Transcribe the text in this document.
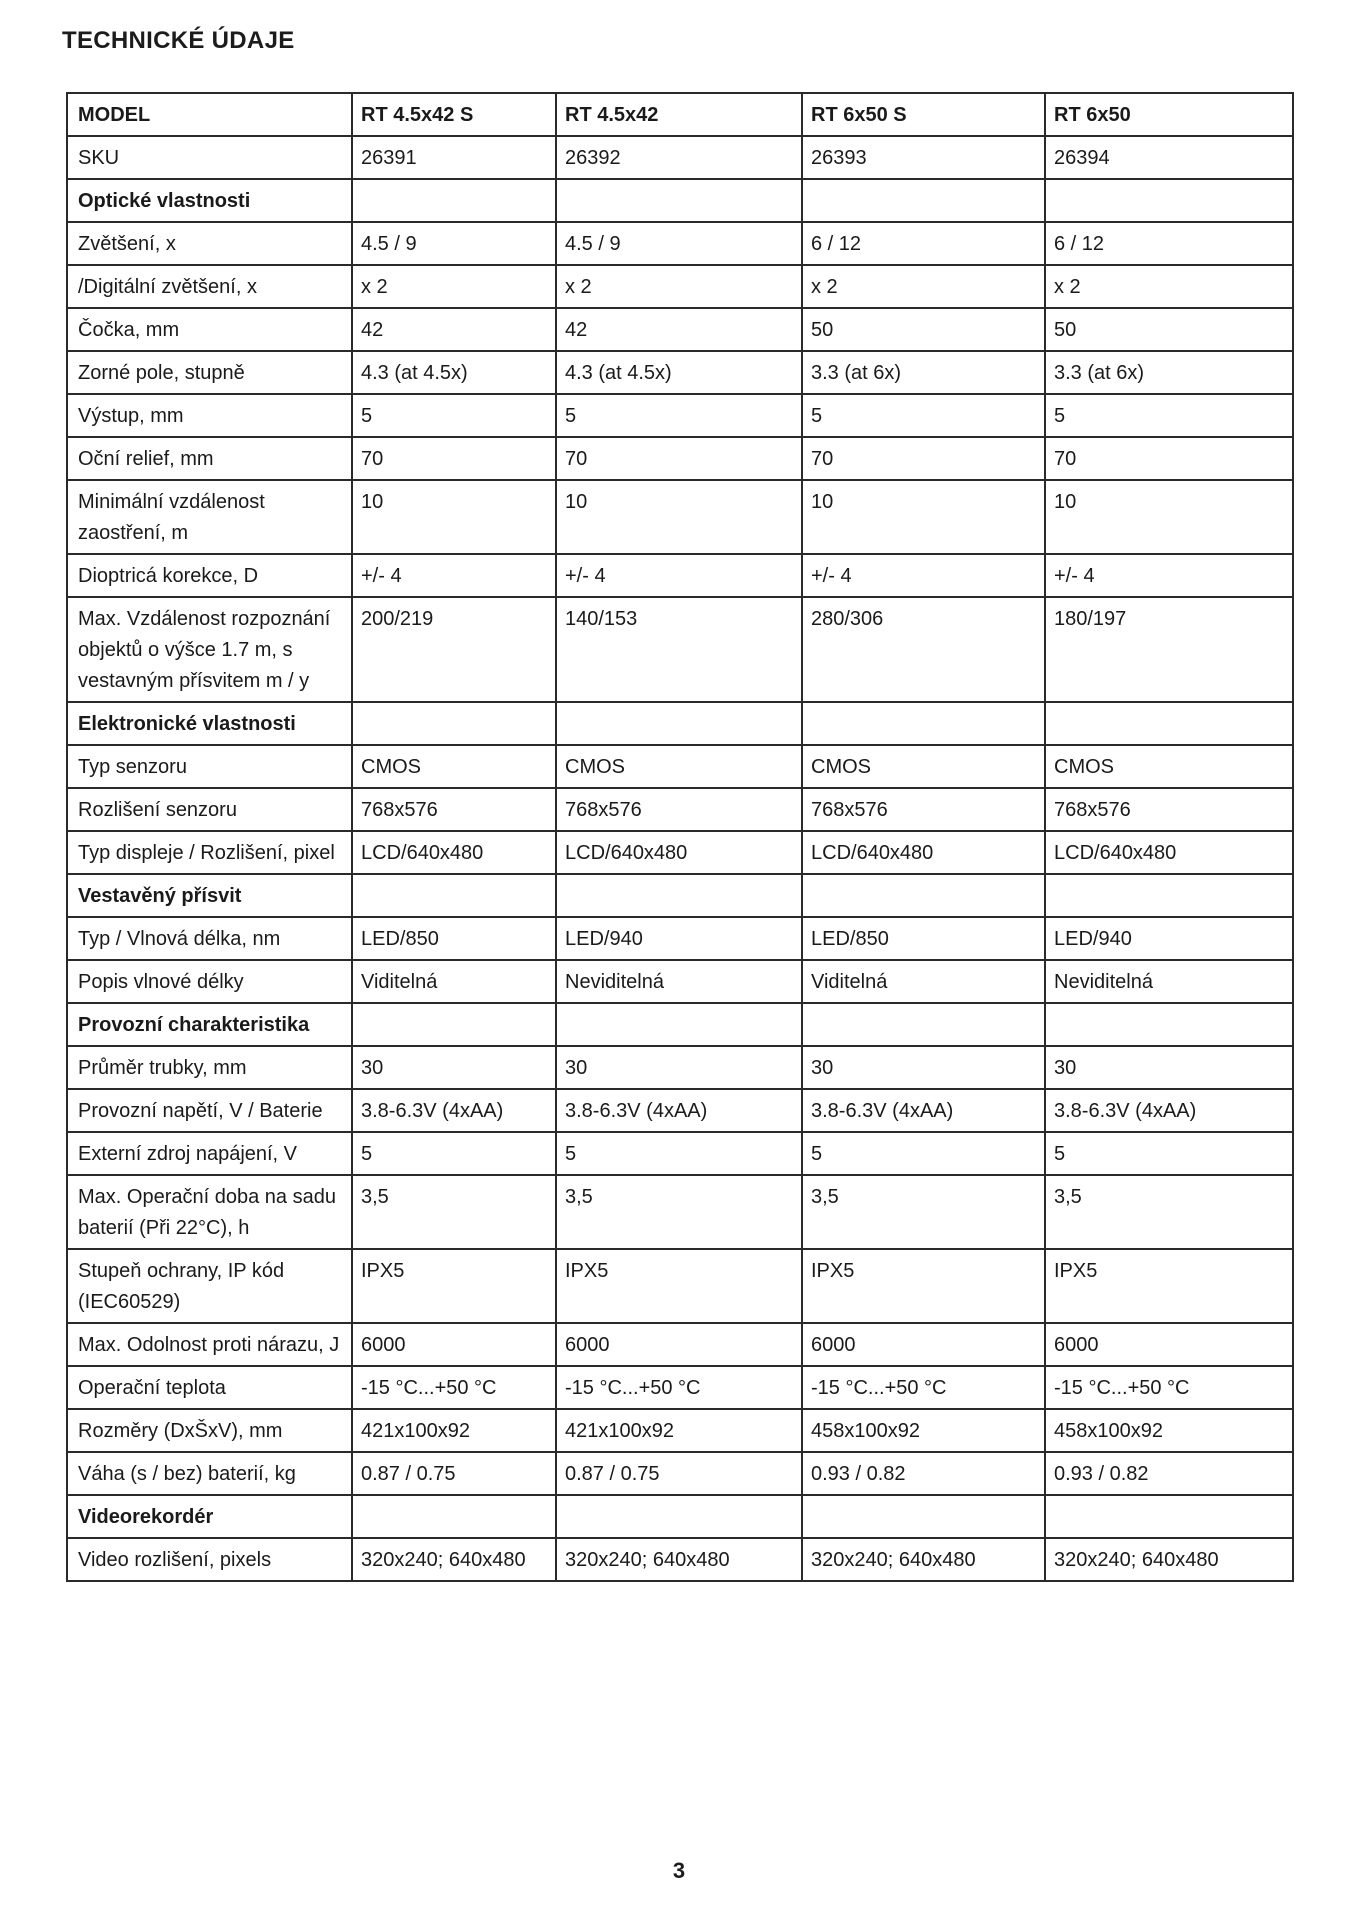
TECHNICKÉ ÚDAJE
MODEL	RT 4.5x42 S	RT 4.5x42	RT 6x50 S	RT 6x50
SKU	26391	26392	26393	26394
Optické vlastnosti				
Zvětšení, x	4.5 / 9	4.5 / 9	6 / 12	6 / 12
/Digitální zvětšení, x	x 2	x 2	x 2	x 2
Čočka, mm	42	42	50	50
Zorné pole, stupně	4.3 (at 4.5x)	4.3 (at 4.5x)	3.3 (at 6x)	3.3 (at 6x)
Výstup, mm	5	5	5	5
Oční relief, mm	70	70	70	70
Minimální vzdálenost zaostření, m	10	10	10	10
Dioptricá korekce, D	+/- 4	+/- 4	+/- 4	+/- 4
Max. Vzdálenost rozpoznání objektů o výšce 1.7 m, s vestavným přísvitem m / y	200/219	140/153	280/306	180/197
Elektronické vlastnosti				
Typ senzoru	CMOS	CMOS	CMOS	CMOS
Rozlišení senzoru	768x576	768x576	768x576	768x576
Typ displeje / Rozlišení, pixel	LCD/640x480	LCD/640x480	LCD/640x480	LCD/640x480
Vestavěný přísvit				
Typ / Vlnová délka, nm	LED/850	LED/940	LED/850	LED/940
Popis vlnové délky	Viditelná	Neviditelná	Viditelná	Neviditelná
Provozní charakteristika				
Průměr trubky, mm	30	30	30	30
Provozní napětí, V / Baterie	3.8-6.3V (4xAA)	3.8-6.3V (4xAA)	3.8-6.3V (4xAA)	3.8-6.3V (4xAA)
Externí zdroj napájení, V	5	5	5	5
Max. Operační doba na sadu baterií (Při 22°C), h	3,5	3,5	3,5	3,5
Stupeň ochrany, IP kód (IEC60529)	IPX5	IPX5	IPX5	IPX5
Max. Odolnost proti nárazu, J	6000	6000	6000	6000
Operační teplota	-15 °C...+50 °C	-15 °C...+50 °C	-15 °C...+50 °C	-15 °C...+50 °C
Rozměry (DxŠxV), mm	421x100x92	421x100x92	458x100x92	458x100x92
Váha (s / bez) baterií, kg	0.87 / 0.75	0.87 / 0.75	0.93 / 0.82	0.93 / 0.82
Videorekordér				
Video rozlišení, pixels	320x240; 640x480	320x240; 640x480	320x240; 640x480	320x240; 640x480
3
